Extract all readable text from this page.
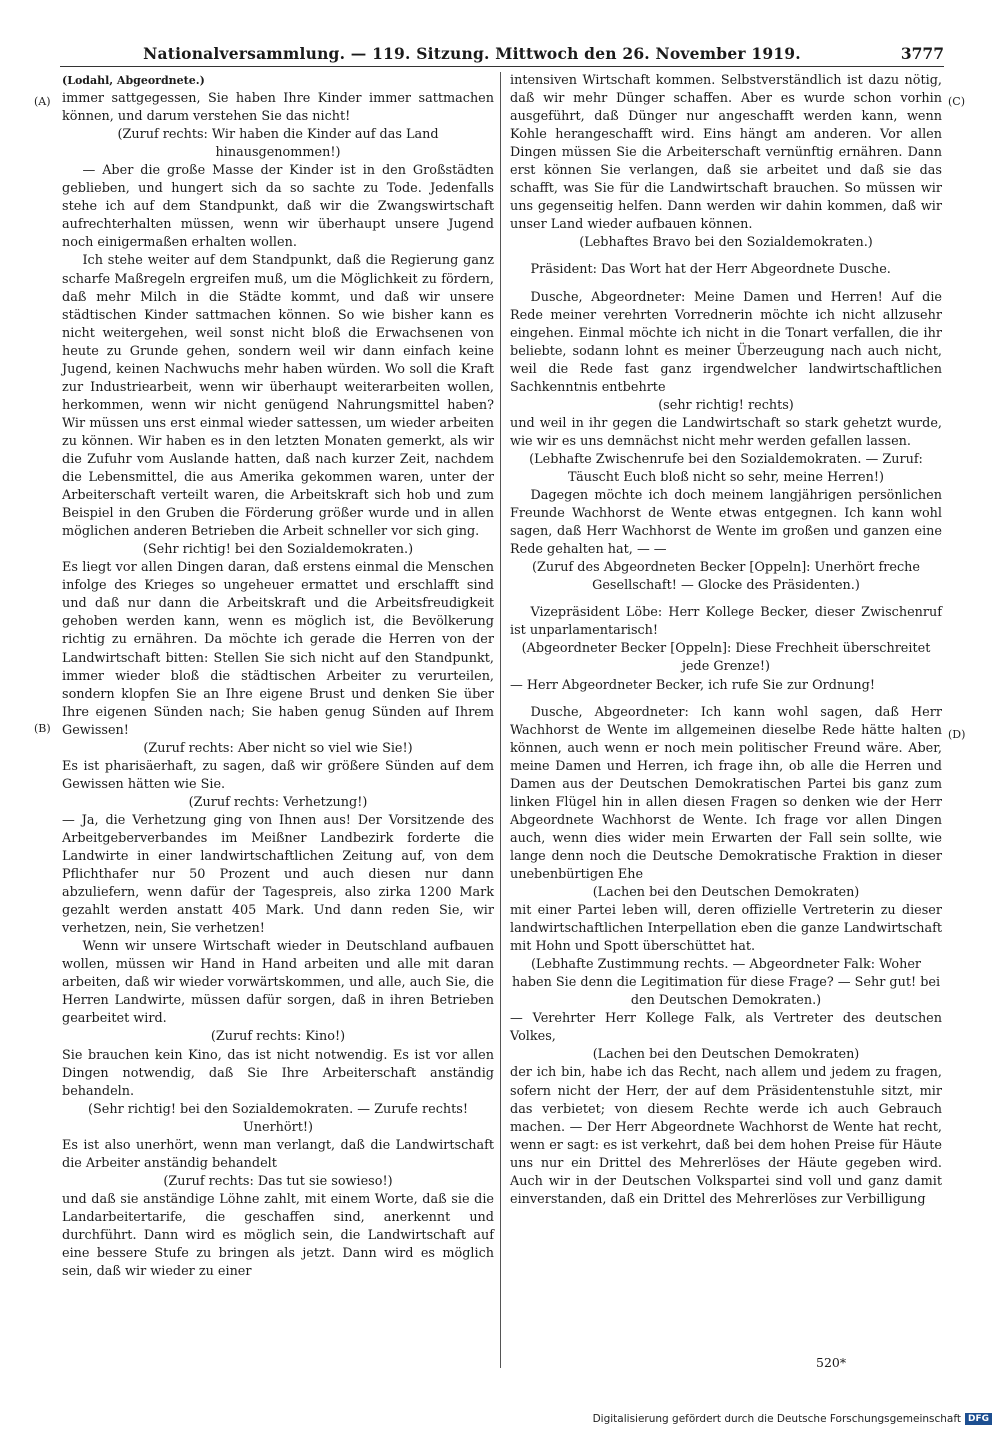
Nationalversammlung. — 119. Sitzung. Mittwoch den 26. November 1919.	3777
(A)
(B)
(C)
(D)

(Lodahl, Abgeordnete.)

immer sattgegessen, Sie haben Ihre Kinder immer sattmachen können, und darum verstehen Sie das nicht!

(Zuruf rechts: Wir haben die Kinder auf das Land hinausgenommen!)

— Aber die große Masse der Kinder ist in den Großstädten geblieben, und hungert sich da so sachte zu Tode. Jedenfalls stehe ich auf dem Standpunkt, daß wir die Zwangswirtschaft aufrechterhalten müssen, wenn wir überhaupt unsere Jugend noch einigermaßen erhalten wollen.

Ich stehe weiter auf dem Standpunkt, daß die Regierung ganz scharfe Maßregeln ergreifen muß, um die Möglichkeit zu fördern, daß mehr Milch in die Städte kommt, und daß wir unsere städtischen Kinder sattmachen können. So wie bisher kann es nicht weitergehen, weil sonst nicht bloß die Erwachsenen von heute zu Grunde gehen, sondern weil wir dann einfach keine Jugend, keinen Nachwuchs mehr haben würden. Wo soll die Kraft zur Industriearbeit, wenn wir überhaupt weiterarbeiten wollen, herkommen, wenn wir nicht genügend Nahrungsmittel haben? Wir müssen uns erst einmal wieder sattessen, um wieder arbeiten zu können. Wir haben es in den letzten Monaten gemerkt, als wir die Zufuhr vom Auslande hatten, daß nach kurzer Zeit, nachdem die Lebensmittel, die aus Amerika gekommen waren, unter der Arbeiterschaft verteilt waren, die Arbeitskraft sich hob und zum Beispiel in den Gruben die Förderung größer wurde und in allen möglichen anderen Betrieben die Arbeit schneller vor sich ging.

(Sehr richtig! bei den Sozialdemokraten.)

Es liegt vor allen Dingen daran, daß erstens einmal die Menschen infolge des Krieges so ungeheuer ermattet und erschlafft sind und daß nur dann die Arbeitskraft und die Arbeitsfreudigkeit gehoben werden kann, wenn es möglich ist, die Bevölkerung richtig zu ernähren. Da möchte ich gerade die Herren von der Landwirtschaft bitten: Stellen Sie sich nicht auf den Standpunkt, immer wieder bloß die städtischen Arbeiter zu verurteilen, sondern klopfen Sie an Ihre eigene Brust und denken Sie über Ihre eigenen Sünden nach; Sie haben genug Sünden auf Ihrem Gewissen!

(Zuruf rechts: Aber nicht so viel wie Sie!)

Es ist pharisäerhaft, zu sagen, daß wir größere Sünden auf dem Gewissen hätten wie Sie.

(Zuruf rechts: Verhetzung!)

— Ja, die Verhetzung ging von Ihnen aus! Der Vorsitzende des Arbeitgeberverbandes im Meißner Landbezirk forderte die Landwirte in einer landwirtschaftlichen Zeitung auf, von dem Pflichthafer nur 50 Prozent und auch diesen nur dann abzuliefern, wenn dafür der Tagespreis, also zirka 1200 Mark gezahlt werden anstatt 405 Mark. Und dann reden Sie, wir verhetzen, nein, Sie verhetzen!

Wenn wir unsere Wirtschaft wieder in Deutschland aufbauen wollen, müssen wir Hand in Hand arbeiten und alle mit daran arbeiten, daß wir wieder vorwärtskommen, und alle, auch Sie, die Herren Landwirte, müssen dafür sorgen, daß in ihren Betrieben gearbeitet wird.

(Zuruf rechts: Kino!)

Sie brauchen kein Kino, das ist nicht notwendig. Es ist vor allen Dingen notwendig, daß Sie Ihre Arbeiterschaft anständig behandeln.

(Sehr richtig! bei den Sozialdemokraten. — Zurufe rechts! Unerhört!)

Es ist also unerhört, wenn man verlangt, daß die Landwirtschaft die Arbeiter anständig behandelt

(Zuruf rechts: Das tut sie sowieso!)

und daß sie anständige Löhne zahlt, mit einem Worte, daß sie die Landarbeitertarife, die geschaffen sind, anerkennt und durchführt. Dann wird es möglich sein, die Landwirtschaft auf eine bessere Stufe zu bringen als jetzt. Dann wird es möglich sein, daß wir wieder zu einer

intensiven Wirtschaft kommen. Selbstverständlich ist dazu nötig, daß wir mehr Dünger schaffen. Aber es wurde schon vorhin ausgeführt, daß Dünger nur angeschafft werden kann, wenn Kohle herangeschafft wird. Eins hängt am anderen. Vor allen Dingen müssen Sie die Arbeiterschaft vernünftig ernähren. Dann erst können Sie verlangen, daß sie arbeitet und daß sie das schafft, was Sie für die Landwirtschaft brauchen. So müssen wir uns gegenseitig helfen. Dann werden wir dahin kommen, daß wir unser Land wieder aufbauen können.

(Lebhaftes Bravo bei den Sozialdemokraten.)

Präsident: Das Wort hat der Herr Abgeordnete Dusche.

Dusche, Abgeordneter: Meine Damen und Herren! Auf die Rede meiner verehrten Vorrednerin möchte ich nicht allzusehr eingehen. Einmal möchte ich nicht in die Tonart verfallen, die ihr beliebte, sodann lohnt es meiner Überzeugung nach auch nicht, weil die Rede fast ganz irgendwelcher landwirtschaftlichen Sachkenntnis entbehrte

(sehr richtig! rechts)

und weil in ihr gegen die Landwirtschaft so stark gehetzt wurde, wie wir es uns demnächst nicht mehr werden gefallen lassen.

(Lebhafte Zwischenrufe bei den Sozialdemokraten. — Zuruf: Täuscht Euch bloß nicht so sehr, meine Herren!)

Dagegen möchte ich doch meinem langjährigen persönlichen Freunde Wachhorst de Wente etwas entgegnen. Ich kann wohl sagen, daß Herr Wachhorst de Wente im großen und ganzen eine Rede gehalten hat, — —

(Zuruf des Abgeordneten Becker [Oppeln]: Unerhört freche Gesellschaft! — Glocke des Präsidenten.)

Vizepräsident Löbe: Herr Kollege Becker, dieser Zwischenruf ist unparlamentarisch!

(Abgeordneter Becker [Oppeln]: Diese Frechheit überschreitet jede Grenze!)

— Herr Abgeordneter Becker, ich rufe Sie zur Ordnung!

Dusche, Abgeordneter: Ich kann wohl sagen, daß Herr Wachhorst de Wente im allgemeinen dieselbe Rede hätte halten können, auch wenn er noch mein politischer Freund wäre. Aber, meine Damen und Herren, ich frage ihn, ob alle die Herren und Damen aus der Deutschen Demokratischen Partei bis ganz zum linken Flügel hin in allen diesen Fragen so denken wie der Herr Abgeordnete Wachhorst de Wente. Ich frage vor allen Dingen auch, wenn dies wider mein Erwarten der Fall sein sollte, wie lange denn noch die Deutsche Demokratische Fraktion in dieser unebenbürtigen Ehe

(Lachen bei den Deutschen Demokraten)

mit einer Partei leben will, deren offizielle Vertreterin zu dieser landwirtschaftlichen Interpellation eben die ganze Landwirtschaft mit Hohn und Spott überschüttet hat.

(Lebhafte Zustimmung rechts. — Abgeordneter Falk: Woher haben Sie denn die Legitimation für diese Frage? — Sehr gut! bei den Deutschen Demokraten.)

— Verehrter Herr Kollege Falk, als Vertreter des deutschen Volkes,

(Lachen bei den Deutschen Demokraten)

der ich bin, habe ich das Recht, nach allem und jedem zu fragen, sofern nicht der Herr, der auf dem Präsidentenstuhle sitzt, mir das verbietet; von diesem Rechte werde ich auch Gebrauch machen. — Der Herr Abgeordnete Wachhorst de Wente hat recht, wenn er sagt: es ist verkehrt, daß bei dem hohen Preise für Häute uns nur ein Drittel des Mehrerlöses der Häute gegeben wird. Auch wir in der Deutschen Volkspartei sind voll und ganz damit einverstanden, daß ein Drittel des Mehrerlöses zur Verbilligung

520*
Digitalisierung gefördert durch die Deutsche Forschungsgemeinschaft DFG
